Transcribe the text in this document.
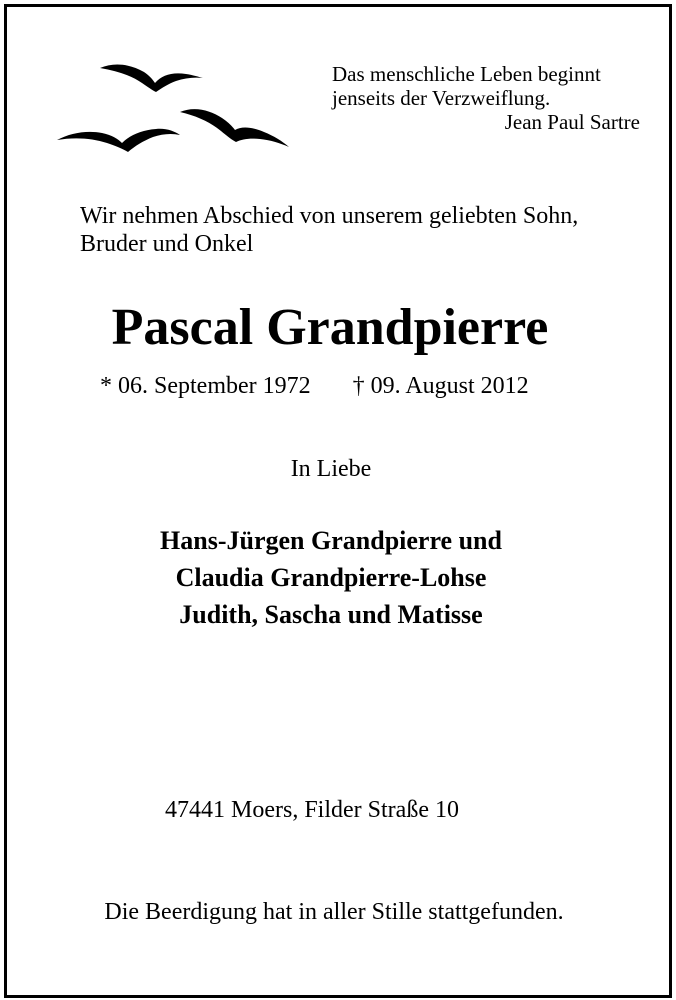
Das menschliche Leben beginnt
jenseits der Verzweiflung.
Jean Paul Sartre
Wir nehmen Abschied von unserem geliebten Sohn,
Bruder und Onkel
Pascal Grandpierre
* 06. September 1972 † 09. August 2012
In Liebe
Hans-Jürgen Grandpierre und
Claudia Grandpierre-Lohse
Judith, Sascha und Matisse
47441 Moers, Filder Straße 10
Die Beerdigung hat in aller Stille stattgefunden.
